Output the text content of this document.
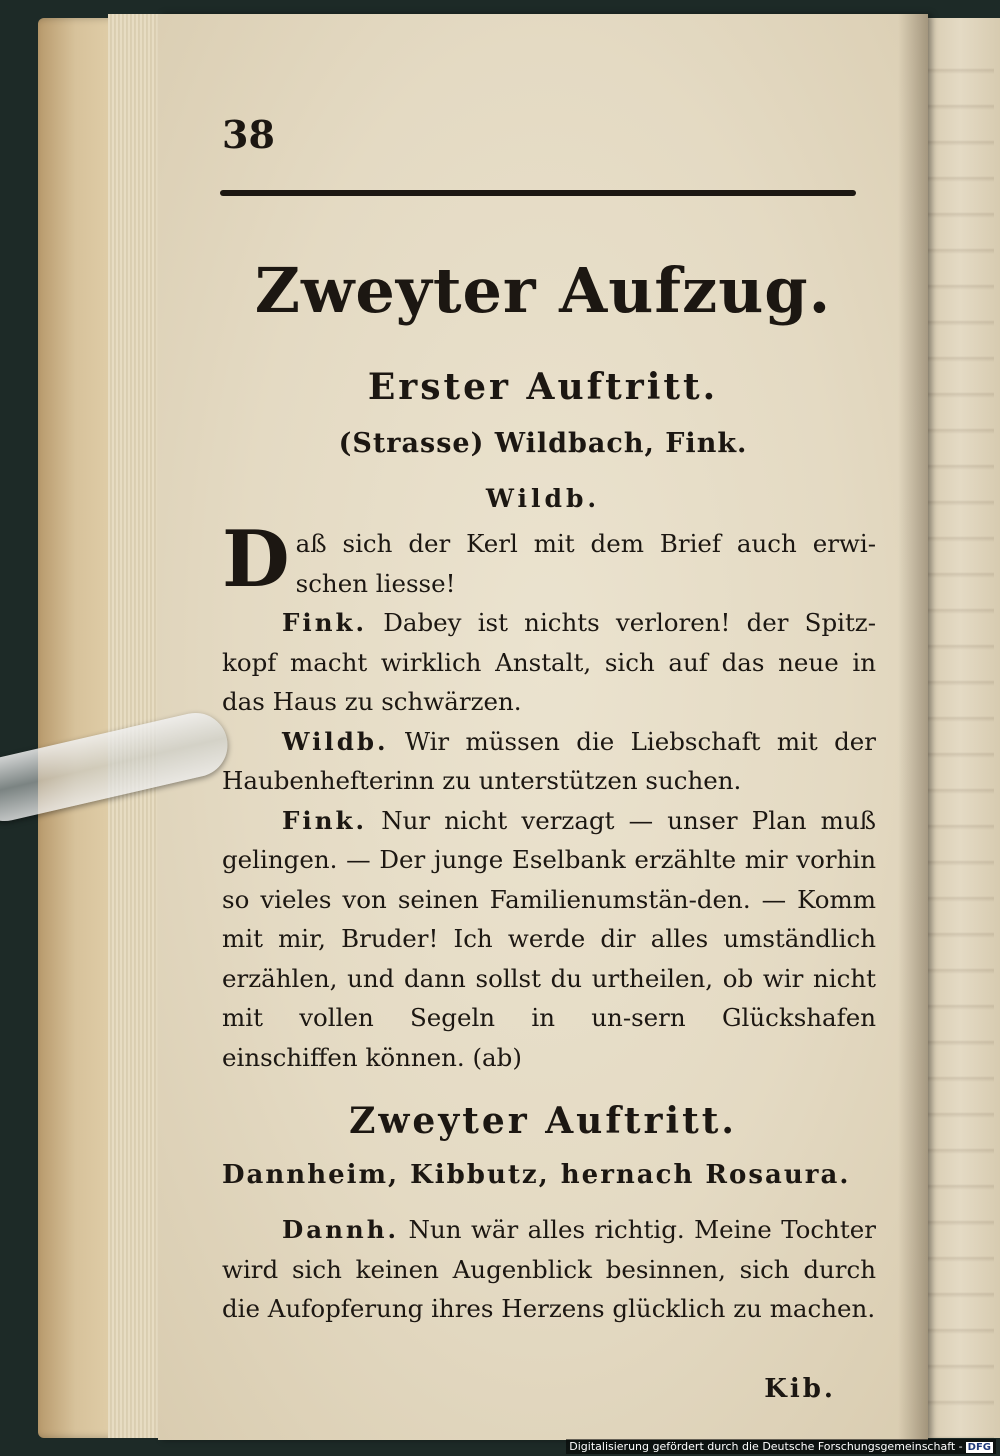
38
Zweyter Aufzug.
Erster Auftritt.
(Strasse) Wildbach, Fink.
Wildb.

Daß sich der Kerl mit dem Brief auch erwi-schen liesse!

Fink. Dabey ist nichts verloren! der Spitz-kopf macht wirklich Anstalt, sich auf das neue in das Haus zu schwärzen.

Wildb. Wir müssen die Liebschaft mit der Haubenhefterinn zu unterstützen suchen.

Fink. Nur nicht verzagt — unser Plan muß gelingen. — Der junge Eselbank erzählte mir vorhin so vieles von seinen Familienumstän-den. — Komm mit mir, Bruder! Ich werde dir alles umständlich erzählen, und dann sollst du urtheilen, ob wir nicht mit vollen Segeln in un-sern Glückshafen einschiffen können. (ab)

Zweyter Auftritt.
Dannheim, Kibbutz, hernach Rosaura.

Dannh. Nun wär alles richtig. Meine Tochter wird sich keinen Augenblick besinnen, sich durch die Aufopferung ihres Herzens glücklich zu machen.

Kib.
Digitalisierung gefördert durch die Deutsche Forschungsgemeinschaft - DFG
